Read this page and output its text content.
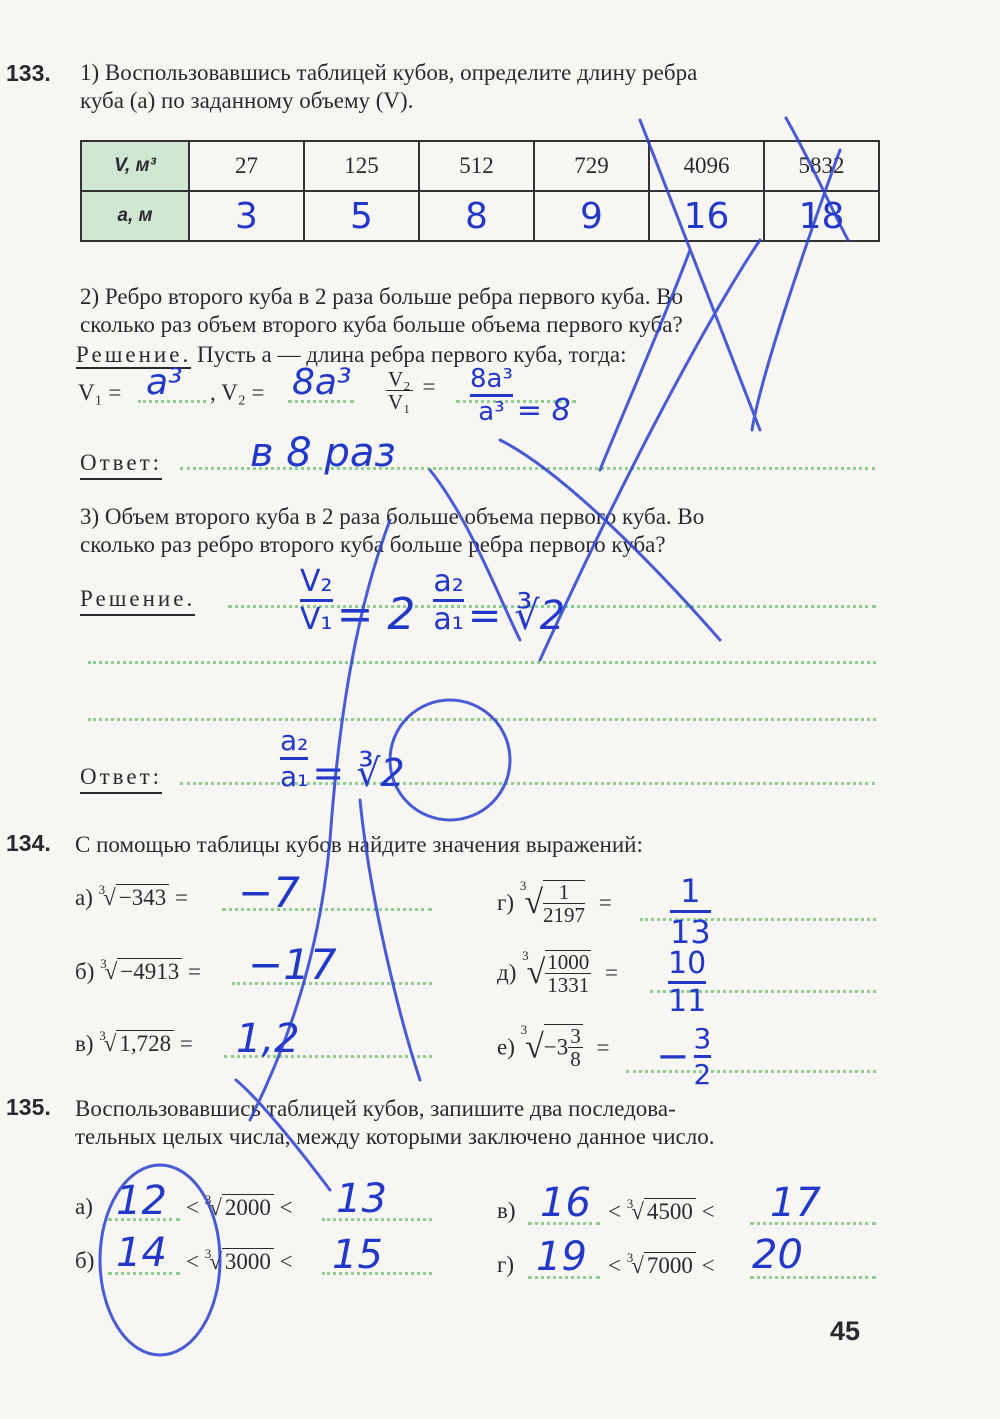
133. 1) Воспользовавшись таблицей кубов, определите длину ребра
куба (a) по заданному объему (V).
V, м³	27	125	512	729	4096	5832
a, м	3	5	8	9	16	18
2) Ребро второго куба в 2 раза больше ребра первого куба. Во
сколько раз объем второго куба больше объема первого куба?
Решение. Пусть a — длина ребра первого куба, тогда:
V₁ = a³ , $V_2 = 8a^3 \frac{\text{V₂}}{\text{V₁}} = \frac{\text{8a³}}{\text{a³}} = 8$
Ответ: в 8 раз
3) Объем второго куба в 2 раза больше объема первого куба. Во
сколько раз ребро второго куба больше ребра первого куба?
Решение.	$\frac{\text{V₂}}{\text{V₁}} = 2 \frac{\text{a₂}}{\text{a₁}}$ = ∛2
Ответ:	$\frac{\text{a₂}}{\text{a₁}}$ = ∛2
134. С помощью таблицы кубов найдите значения выражений:
а) $^3$√ −343 = −7
б) $^3$√ −4913 = −17
в) $^3$√ 1,728 = 1,2
г) $^3√ \frac{1}{2197} = \frac{1}{13}$
д) $^3√ \frac{1000}{1331} = \frac{10}{11}$
е) $^3√-3 \frac{3}{8}$ = − $\frac{3}{2}$
135. Воспользовавшись таблицей кубов, запишите два последова-
тельных целых числа, между которыми заключено данное число.
а) 12 < $^3$√ 2000 < 13
б) 14 < $^3$√ 3000 < 15
в) 16 < $^3$√ 4500 < 17
г) 19 < $^3$√ 7000 < 20
45
